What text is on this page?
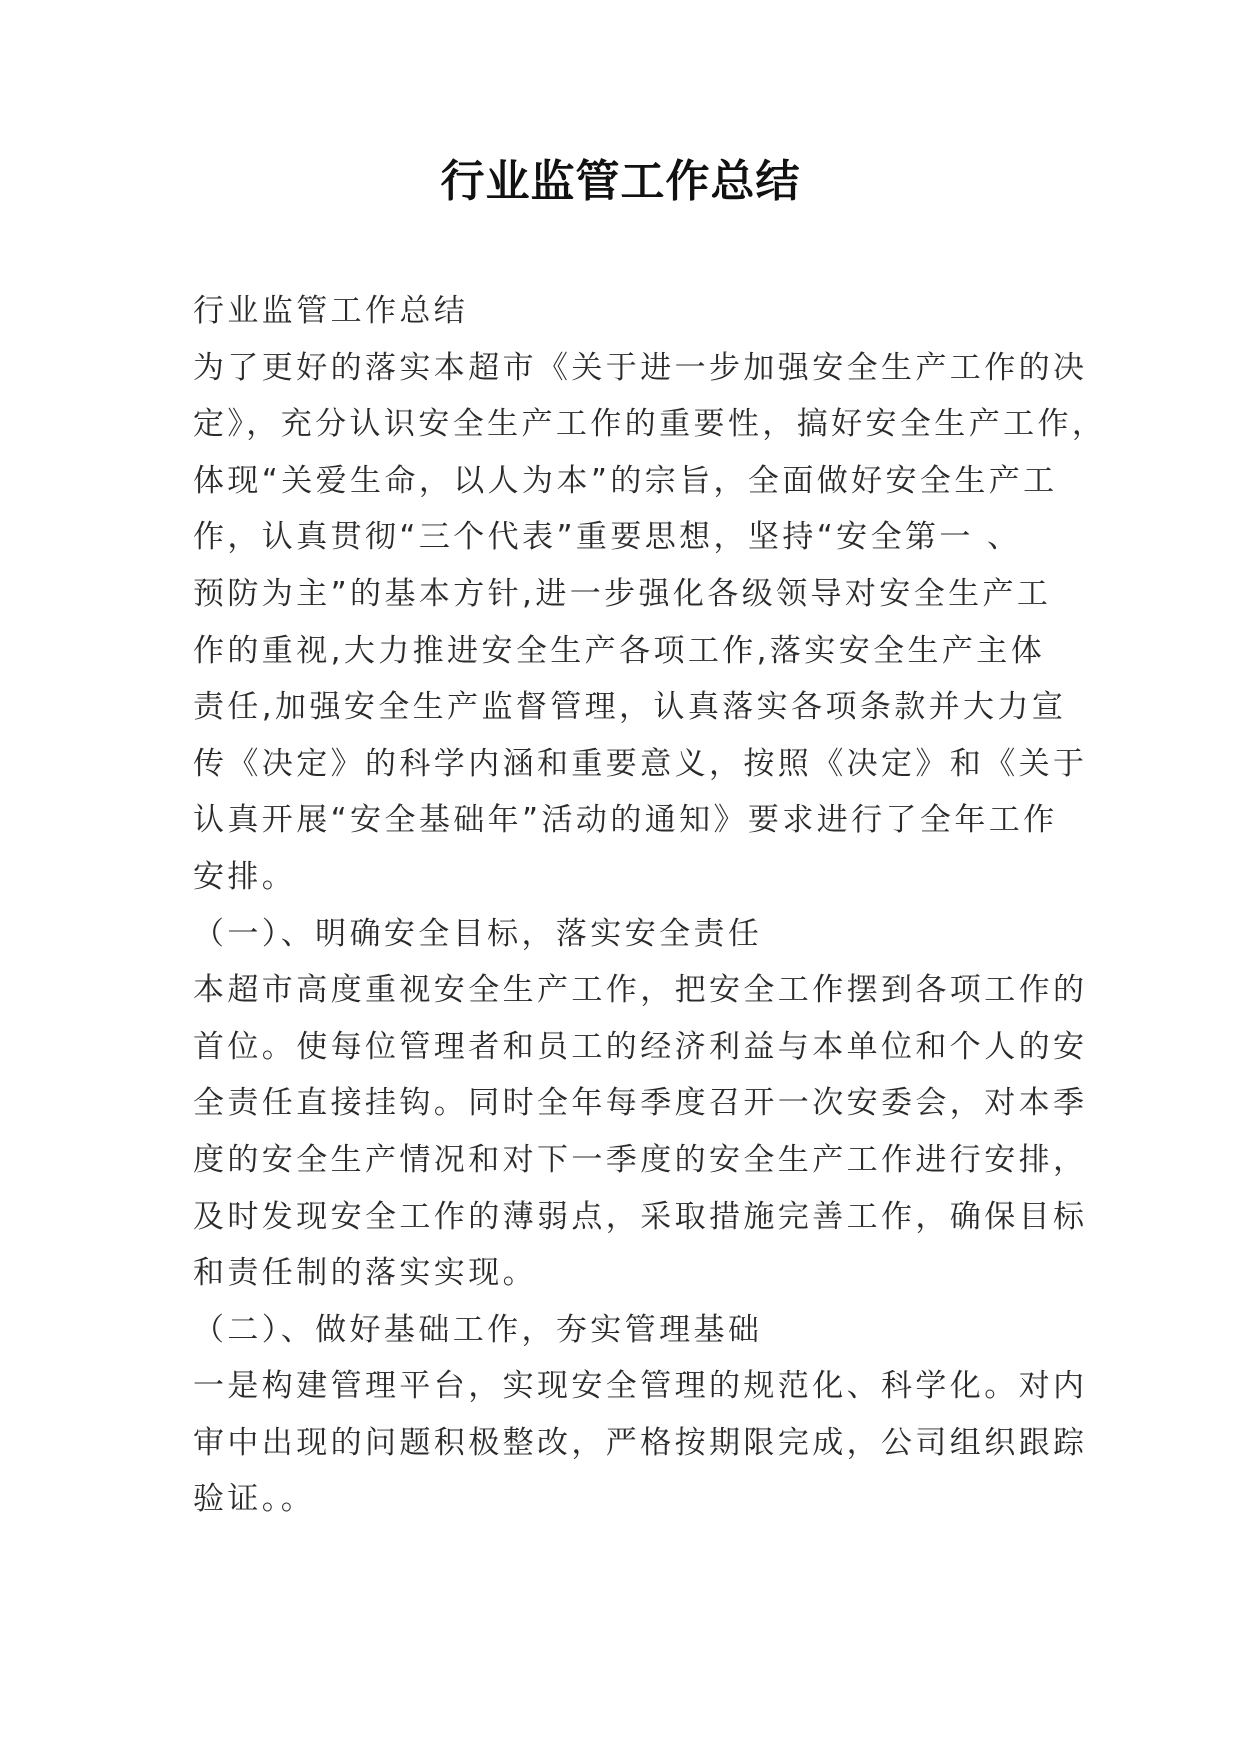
行业监管工作总结
行业监管工作总结
为了更好的落实本超市《关于进一步加强安全生产工作的决
定》，充分认识安全生产工作的重要性，搞好安全生产工作，
体现“关爱生命，以人为本”的宗旨，全面做好安全生产工
作，认真贯彻“三个代表”重要思想，坚持“安全第一 、
预防为主”的基本方针,进一步强化各级领导对安全生产工
作的重视,大力推进安全生产各项工作,落实安全生产主体
责任,加强安全生产监督管理，认真落实各项条款并大力宣
传《决定》的科学内涵和重要意义，按照《决定》和《关于
认真开展“安全基础年”活动的通知》要求进行了全年工作
安排。
（一）、明确安全目标，落实安全责任
本超市高度重视安全生产工作，把安全工作摆到各项工作的
首位。使每位管理者和员工的经济利益与本单位和个人的安
全责任直接挂钩。同时全年每季度召开一次安委会，对本季
度的安全生产情况和对下一季度的安全生产工作进行安排，
及时发现安全工作的薄弱点，采取措施完善工作，确保目标
和责任制的落实实现。
（二）、做好基础工作，夯实管理基础
一是构建管理平台，实现安全管理的规范化、科学化。对内
审中出现的问题积极整改，严格按期限完成，公司组织跟踪
验证。。
